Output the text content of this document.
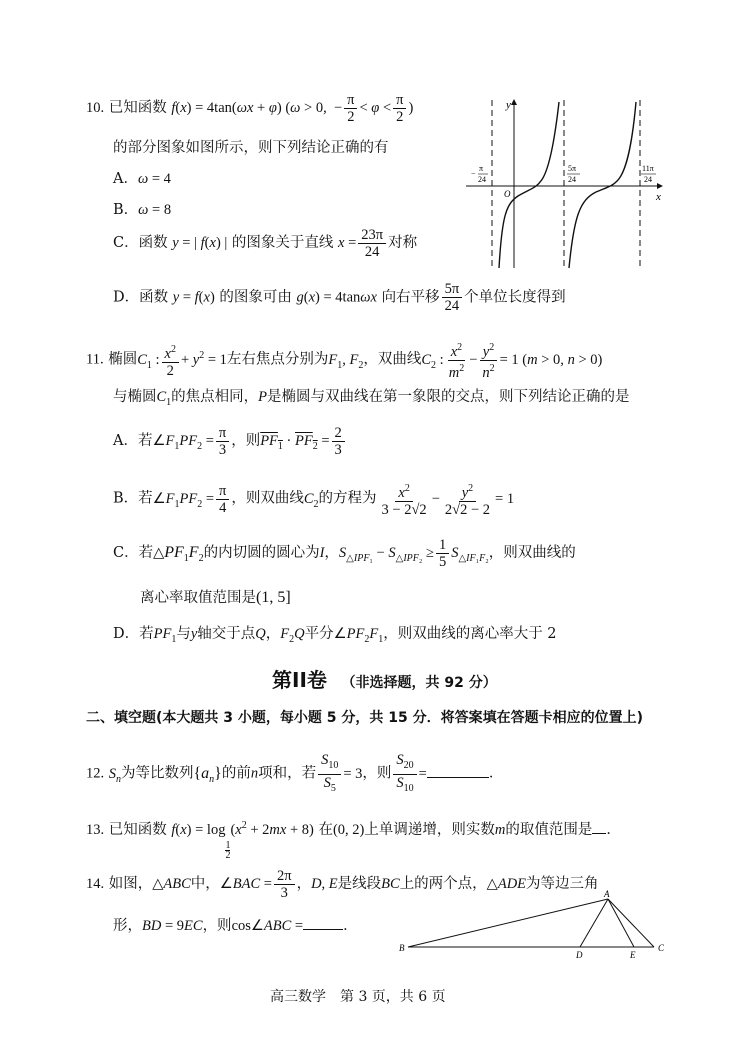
10. 已知函数 f(x) = 4tan(ωx + φ) (ω > 0,  − $\frac{\pi}{2} < \varphi < \frac{\pi}{2}$ )
的部分图象如图所示，则下列结论正确的有
A．ω = 4
B．ω = 8
C．函数 y = | f(x) | 的图象关于直线 $x = \frac{23\pi}{24}$ 对称
D．函数 y = f(x) 的图象可由 g(x) = 4tanωx 向右平移 $\frac{5\pi}{24}$ 个单位长度得到
y
x
O
−
π
24
5π
24
11π
24
11. 椭圆$C_1$ : $\frac{x^2}{2} + y^2 = 1$左右焦点分别为$F_1$, $F_2$，双曲线$C_2$ : $\frac{x^2}{m^2} - \frac{y^2}{n^2} = 1$ (m > 0, n > 0)
与椭圆$C_1$的焦点相同，P是椭圆与双曲线在第一象限的交点，则下列结论正确的是
A．若$\angle F_1PF_2 = \frac{\pi}{3}$ ，则$PF_1 \cdot PF_2 = \frac{2}{3}$
B．若$\angle F_1PF_2 = \frac{\pi}{4}$ ，则双曲线$C_2$的方程为 $\frac{x^2}{3 - 2√2} - \frac{y^2}{2√2 - 2} = 1$
C．若$\triangle PF_1F_2$的内切圆的圆心为I，$S_{\triangle IPF_1} - S_{\triangle IPF_2} \ge \frac{1}{5} S_{\triangle IF_1F_2}$，则双曲线的
离心率取值范围是(1, 5]
D．若$PF_1$与y轴交于点Q，$F_2Q$平分$\angle PF_2F_1$，则双曲线的离心率大于 2
第II卷 （非选择题，共 92 分）
二、填空题(本大题共 3 小题，每小题 5 分，共 15 分．将答案填在答题卡相应的位置上)
12. $S_n$为等比数列$\{a_n\}$的前n项和，若 $\frac{S_{10}}{S_5} = 3$，则 $\frac{S_{20}}{S_{10}}$ =	．
13. 已知函数 f(x) = log
$_{\frac{1}{2}}$
$(x^2 + 2mx + 8)$ 在(0, 2)上单调递增，则实数m的取值范围是 ．
14. 如图，△ABC中，∠BAC = $\frac{2\pi}{3}$ ，D, E是线段BC上的两个点，△ADE为等边三角
形，BD = 9EC，则cos∠ABC =	．
A
B	C
D	E
高三数学　第 3 页，共 6 页
